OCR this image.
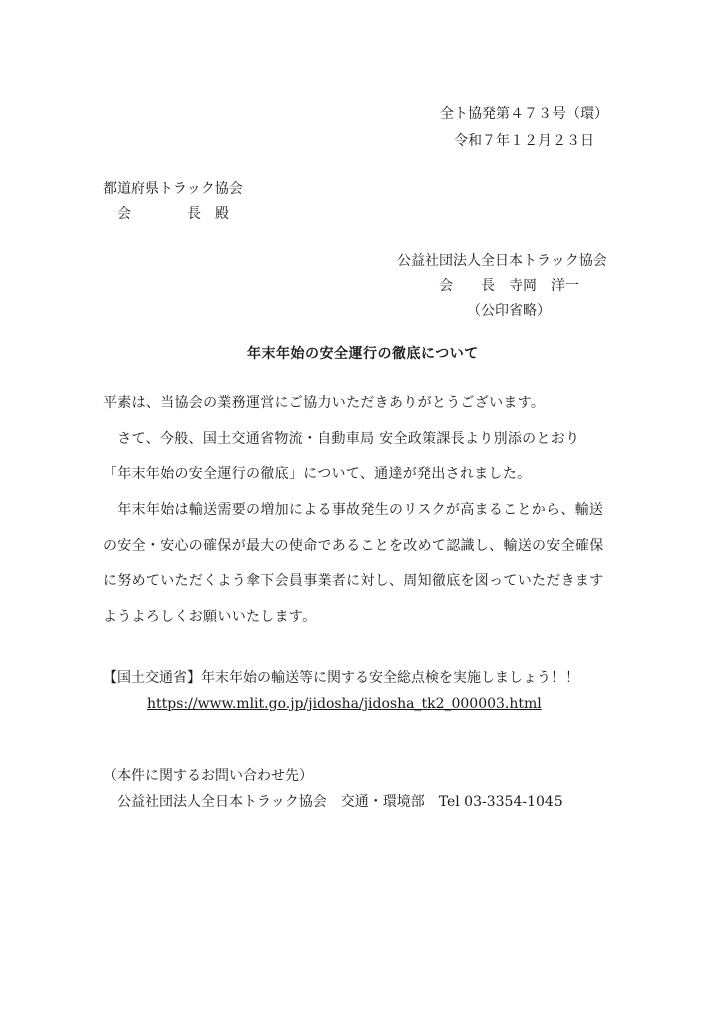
全ト協発第４７３号（環）
令和７年１２月２３日
都道府県トラック協会
会　　　　長　殿
公益社団法人全日本トラック協会
会　　長　寺岡　洋一
（公印省略）
年末年始の安全運行の徹底について
平素は、当協会の業務運営にご協力いただきありがとうございます。
　さて、今般、国土交通省物流・自動車局 安全政策課長より別添のとおり
「年末年始の安全運行の徹底」について、通達が発出されました。
　年末年始は輸送需要の増加による事故発生のリスクが高まることから、輸送
の安全・安心の確保が最大の使命であることを改めて認識し、輸送の安全確保
に努めていただくよう傘下会員事業者に対し、周知徹底を図っていただきます
ようよろしくお願いいたします。
【国土交通省】年末年始の輸送等に関する安全総点検を実施しましょう！！
https://www.mlit.go.jp/jidosha/jidosha_tk2_000003.html
（本件に関するお問い合わせ先）
公益社団法人全日本トラック協会　交通・環境部　Tel 03-3354-1045
